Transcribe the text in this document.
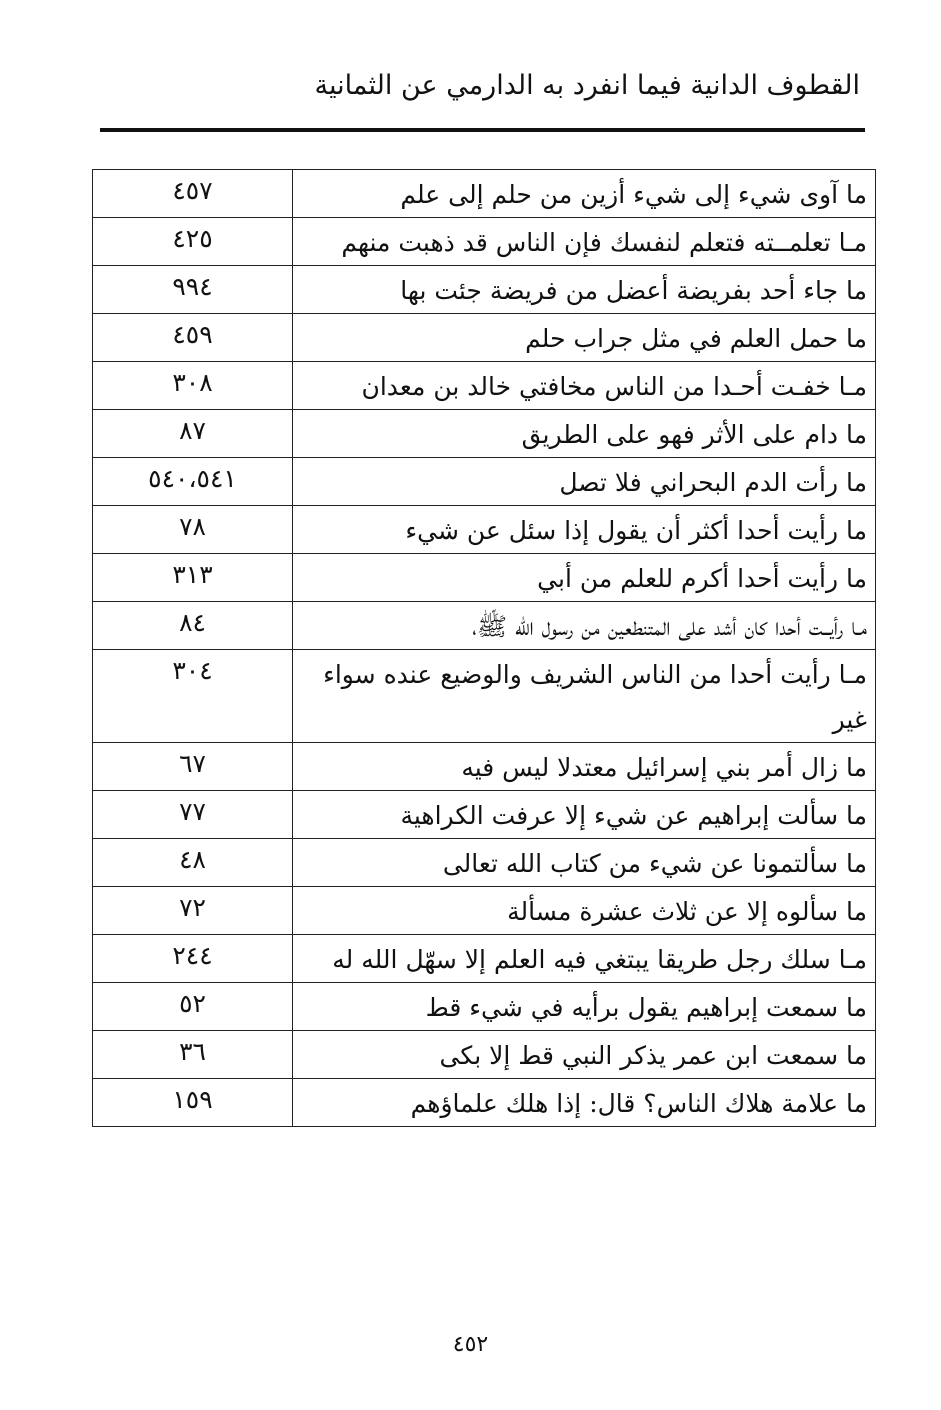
القطوف الدانية فيما انفرد به الدارمي عن الثمانية
ما آوى شيء إلى شيء أزين من حلم إلى علم	٤٥٧
مـا تعلمــته فتعلم لنفسك فإن الناس قد ذهبت منهم	٤٢٥
ما جاء أحد بفريضة أعضل من فريضة جئت بها	٩٩٤
ما حمل العلم في مثل جراب حلم	٤٥٩
مـا خفـت أحـدا من الناس مخافتي خالد بن معدان	٣٠٨
ما دام على الأثر فهو على الطريق	٨٧
ما رأت الدم البحراني فلا تصل	٥٤٠،٥٤١
ما رأيت أحدا أكثر أن يقول إذا سئل عن شيء	٧٨
ما رأيت أحدا أكرم للعلم من أبي	٣١٣
مـا رأيــت أحدا كان أشد على المتنطعين من رسول الله ﷺ،	٨٤
مـا رأيت أحدا من الناس الشريف والوضيع عنده سواء غير	٣٠٤
ما زال أمر بني إسرائيل معتدلا ليس فيه	٦٧
ما سألت إبراهيم عن شيء إلا عرفت الكراهية	٧٧
ما سألتمونا عن شيء من كتاب الله تعالى	٤٨
ما سألوه إلا عن ثلاث عشرة مسألة	٧٢
مـا سلك رجل طريقا يبتغي فيه العلم إلا سهّل الله له	٢٤٤
ما سمعت إبراهيم يقول برأيه في شيء قط	٥٢
ما سمعت ابن عمر يذكر النبي قط إلا بكى	٣٦
ما علامة هلاك الناس؟ قال: إذا هلك علماؤهم	١٥٩
٤٥٢
